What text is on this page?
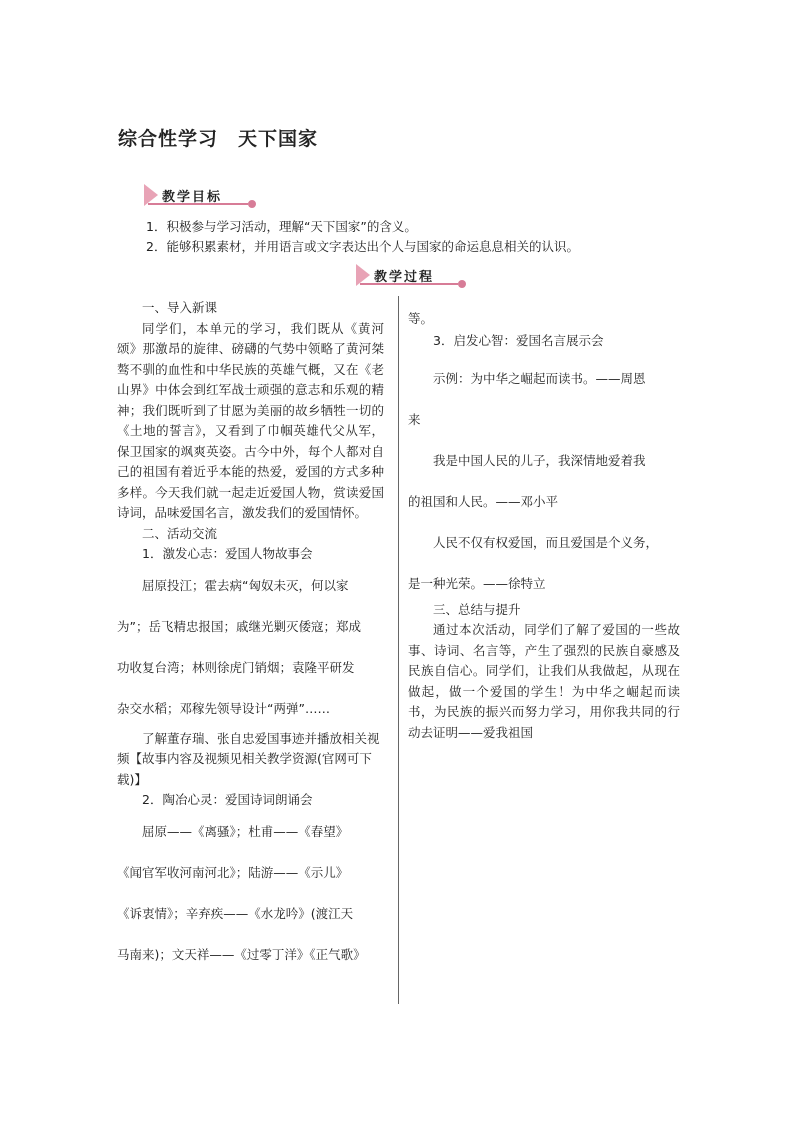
综合性学习　天下国家
教学目标
1．积极参与学习活动，理解“天下国家”的含义。
2．能够积累素材，并用语言或文字表达出个人与国家的命运息息相关的认识。
教学过程

一、导入新课

同学们，本单元的学习，我们既从《黄河颂》那激昂的旋律、磅礴的气势中领略了黄河桀骜不驯的血性和中华民族的英雄气概，又在《老山界》中体会到红军战士顽强的意志和乐观的精神；我们既听到了甘愿为美丽的故乡牺牲一切的《土地的誓言》，又看到了巾帼英雄代父从军，保卫国家的飒爽英姿。古今中外，每个人都对自己的祖国有着近乎本能的热爱，爱国的方式多种多样。今天我们就一起走近爱国人物，赏读爱国诗词，品味爱国名言，激发我们的爱国情怀。

二、活动交流

1．激发心志：爱国人物故事会

屈原投江；霍去病“匈奴未灭，何以家

为”；岳飞精忠报国；戚继光剿灭倭寇；郑成

功收复台湾；林则徐虎门销烟；袁隆平研发

杂交水稻；邓稼先领导设计“两弹”……

了解董存瑞、张自忠爱国事迹并播放相关视频【故事内容及视频见相关教学资源(官网可下载)】

2．陶冶心灵：爱国诗词朗诵会

屈原——《离骚》；杜甫——《春望》

《闻官军收河南河北》；陆游——《示儿》

《诉衷情》；辛弃疾——《水龙吟》(渡江天

马南来)；文天祥——《过零丁洋》《正气歌》

等。

3．启发心智：爱国名言展示会

示例：为中华之崛起而读书。——周恩

来

我是中国人民的儿子，我深情地爱着我

的祖国和人民。——邓小平

人民不仅有权爱国，而且爱国是个义务，

是一种光荣。——徐特立

三、总结与提升

通过本次活动，同学们了解了爱国的一些故事、诗词、名言等，产生了强烈的民族自豪感及民族自信心。同学们，让我们从我做起，从现在做起，做一个爱国的学生！为中华之崛起而读书，为民族的振兴而努力学习，用你我共同的行动去证明——爱我祖国
